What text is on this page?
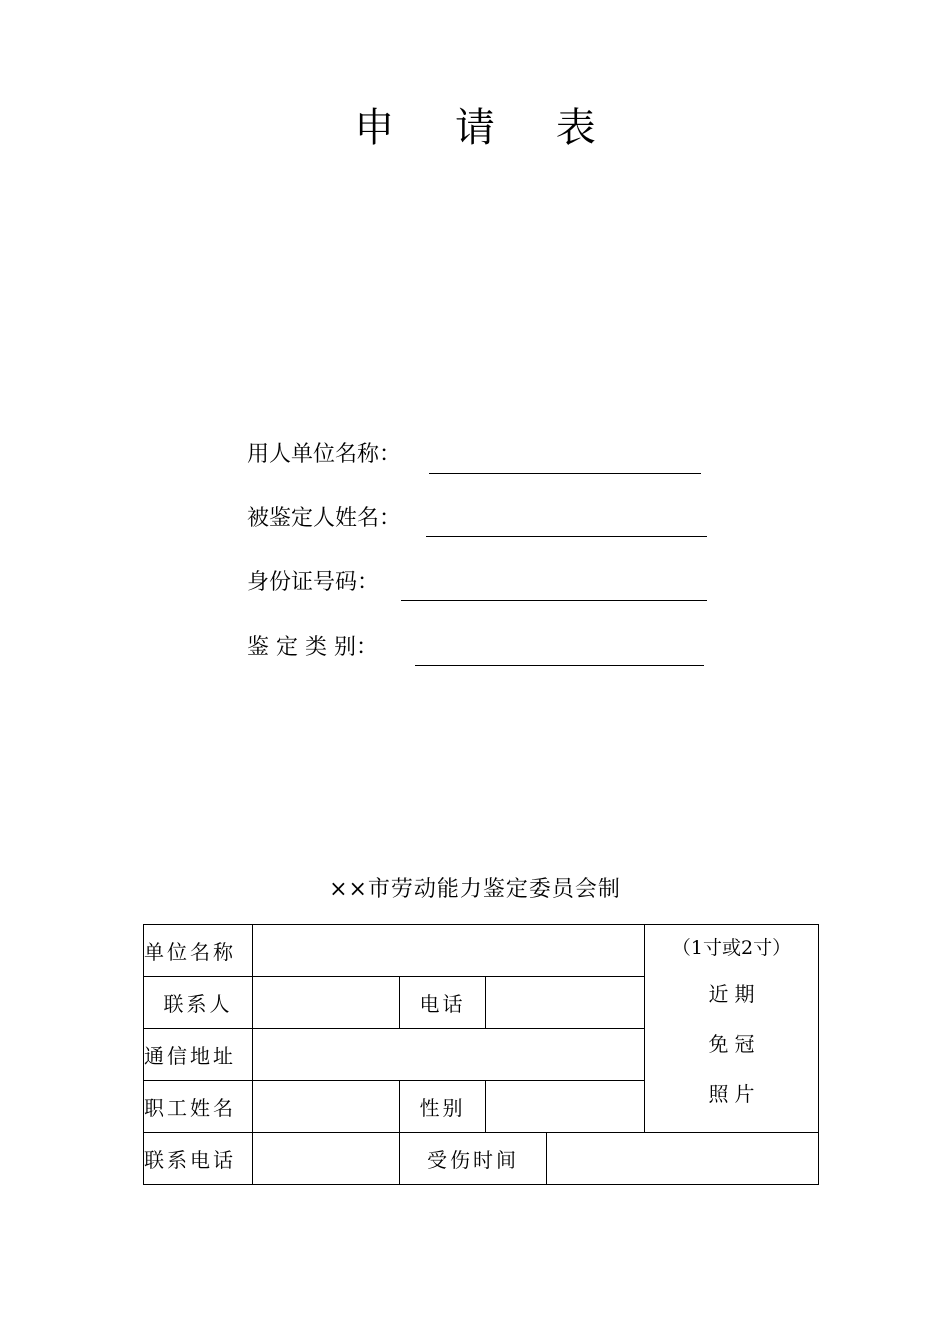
申 请 表
用人单位名称：
被鉴定人姓名：
身份证号码：
鉴 定 类 别：
××市劳动能力鉴定委员会制
单位名称					（1寸或2寸）
近期
免冠
照片

联系人		电话			
通信地址					
职工姓名		性别			
联系电话		受伤时间			
